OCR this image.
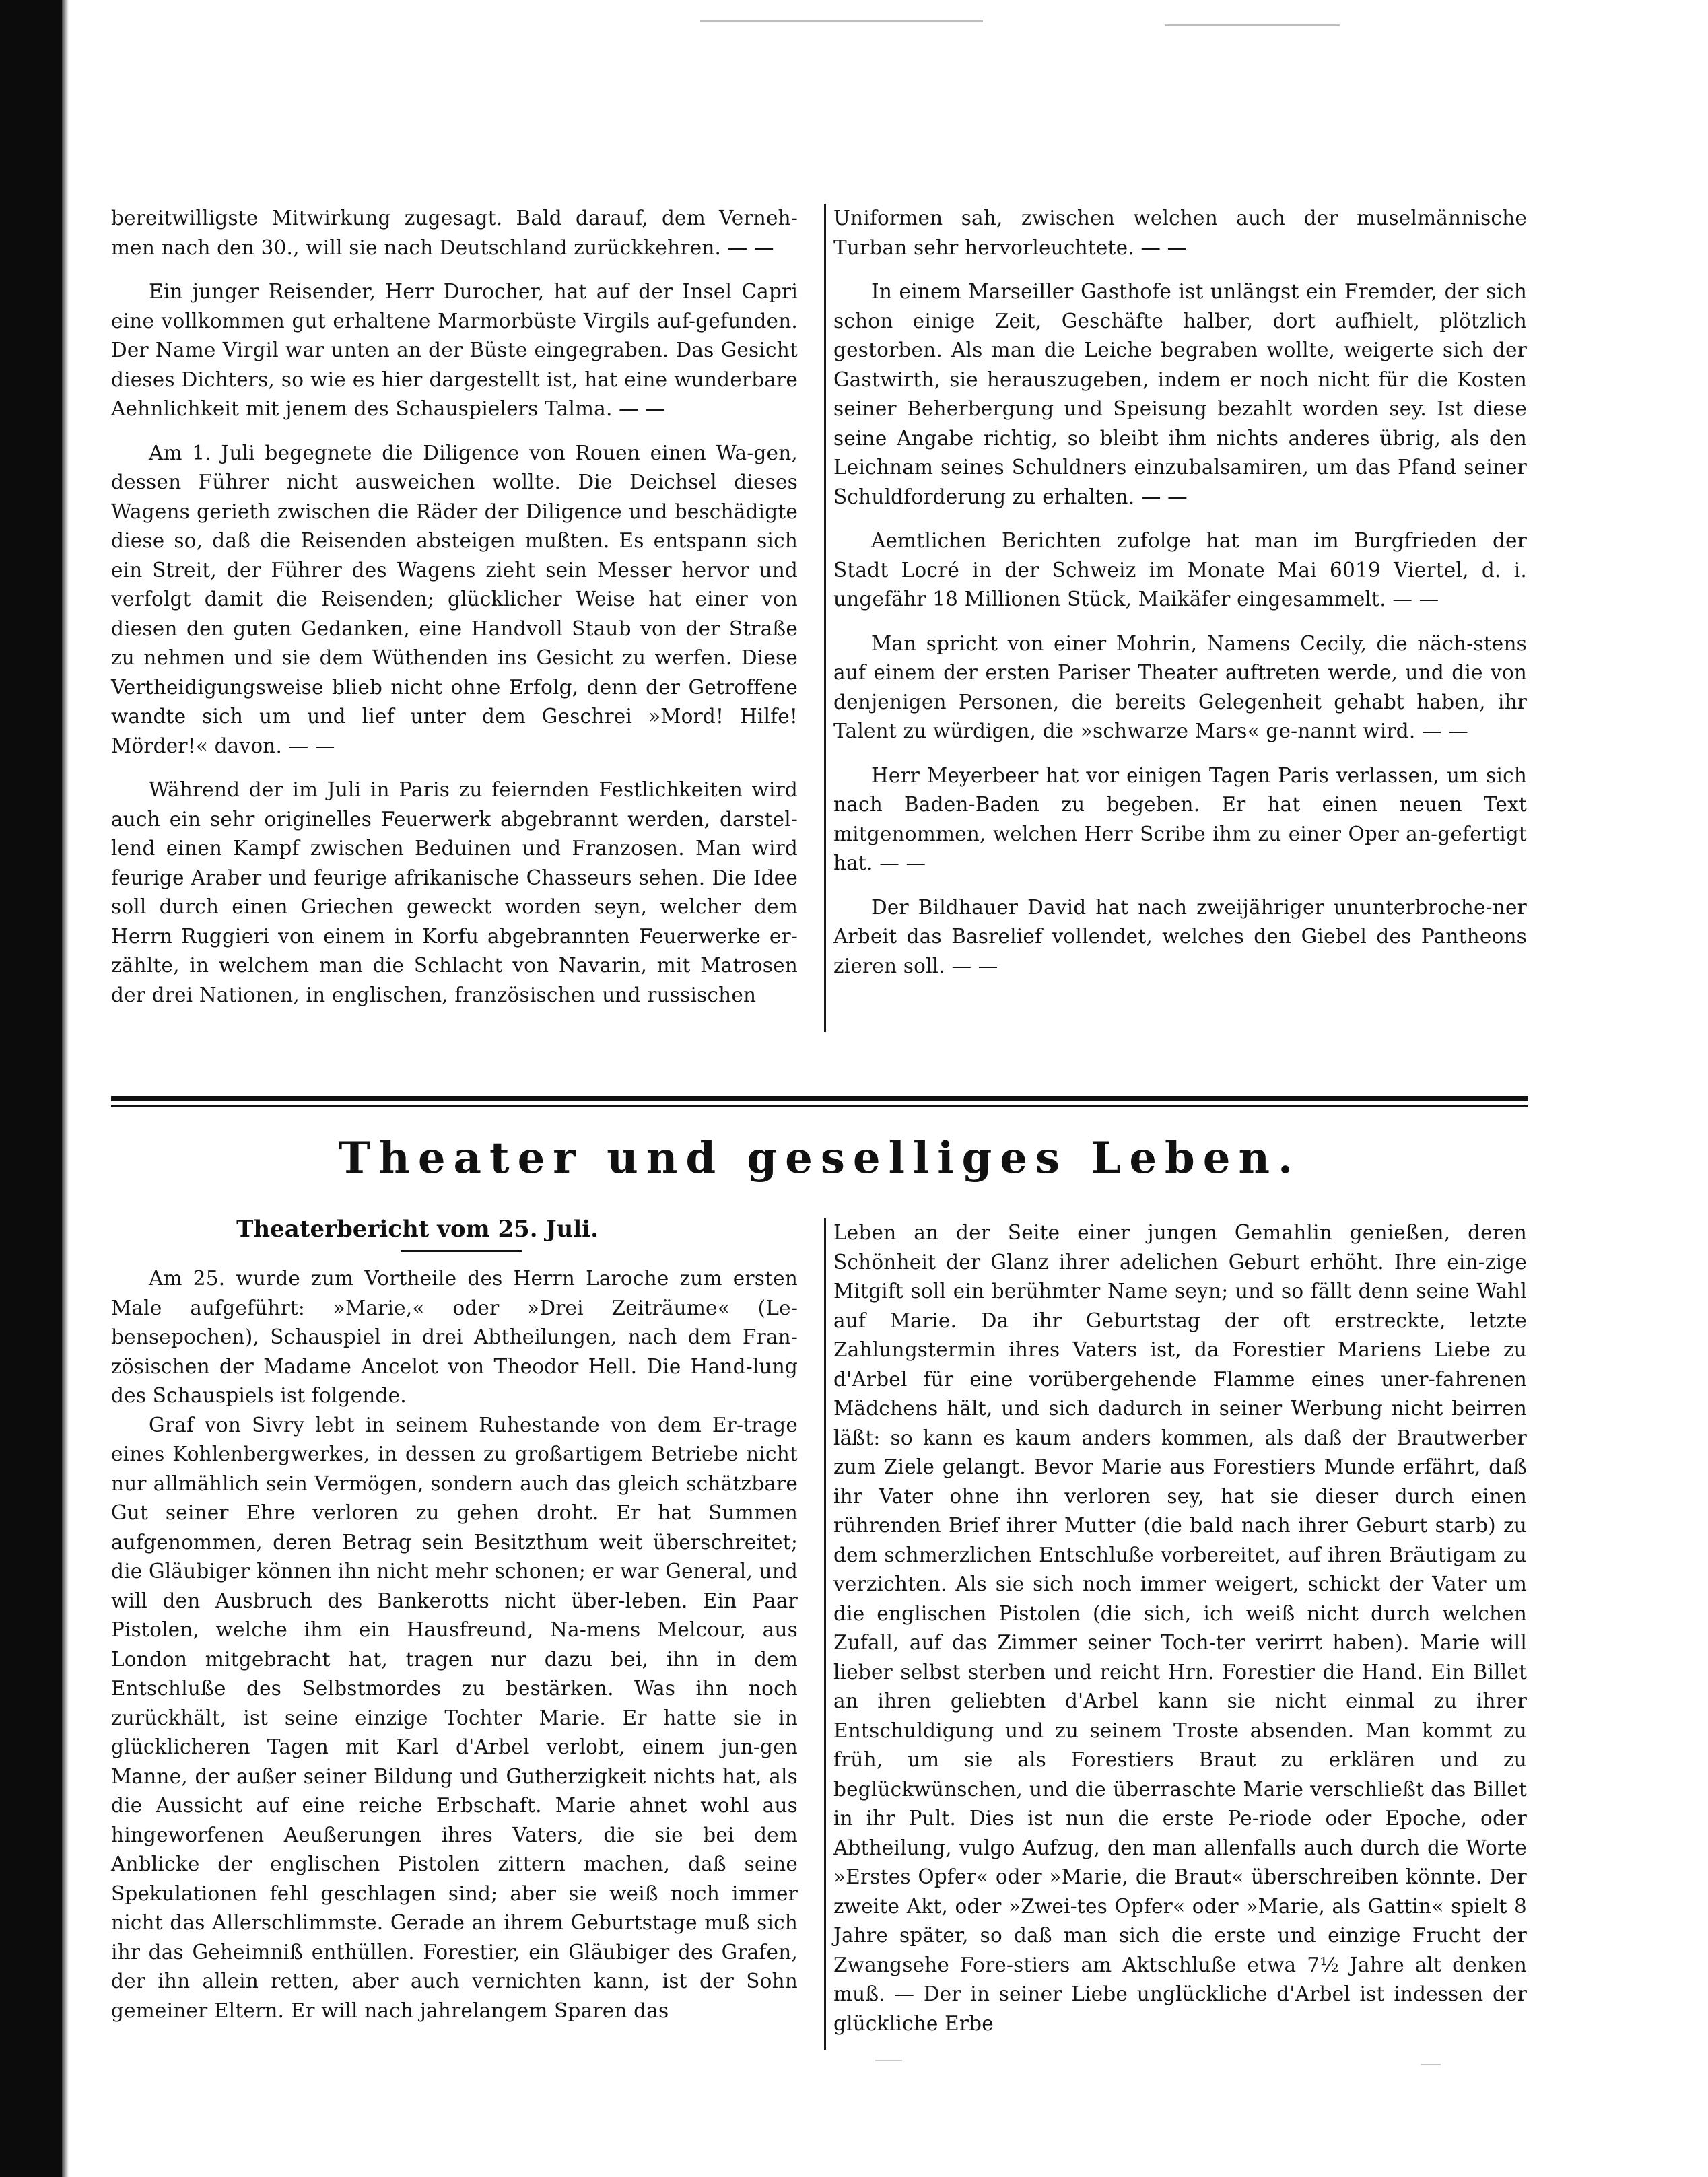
bereitwilligste Mitwirkung zugesagt. Bald darauf, dem Verneh-men nach den 30., will sie nach Deutschland zurückkehren. — —

Ein junger Reisender, Herr Durocher, hat auf der Insel Capri eine vollkommen gut erhaltene Marmorbüste Virgils auf-gefunden. Der Name Virgil war unten an der Büste eingegraben. Das Gesicht dieses Dichters, so wie es hier dargestellt ist, hat eine wunderbare Aehnlichkeit mit jenem des Schauspielers Talma. — —

Am 1. Juli begegnete die Diligence von Rouen einen Wa-gen, dessen Führer nicht ausweichen wollte. Die Deichsel dieses Wagens gerieth zwischen die Räder der Diligence und beschädigte diese so, daß die Reisenden absteigen mußten. Es entspann sich ein Streit, der Führer des Wagens zieht sein Messer hervor und verfolgt damit die Reisenden; glücklicher Weise hat einer von diesen den guten Gedanken, eine Handvoll Staub von der Straße zu nehmen und sie dem Wüthenden ins Gesicht zu werfen. Diese Vertheidigungsweise blieb nicht ohne Erfolg, denn der Getroffene wandte sich um und lief unter dem Geschrei »Mord! Hilfe! Mörder!« davon. — —

Während der im Juli in Paris zu feiernden Festlichkeiten wird auch ein sehr originelles Feuerwerk abgebrannt werden, darstel-lend einen Kampf zwischen Beduinen und Franzosen. Man wird feurige Araber und feurige afrikanische Chasseurs sehen. Die Idee soll durch einen Griechen geweckt worden seyn, welcher dem Herrn Ruggieri von einem in Korfu abgebrannten Feuerwerke er-zählte, in welchem man die Schlacht von Navarin, mit Matrosen der drei Nationen, in englischen, französischen und russischen

Uniformen sah, zwischen welchen auch der muselmännische Turban sehr hervorleuchtete. — —

In einem Marseiller Gasthofe ist unlängst ein Fremder, der sich schon einige Zeit, Geschäfte halber, dort aufhielt, plötzlich gestorben. Als man die Leiche begraben wollte, weigerte sich der Gastwirth, sie herauszugeben, indem er noch nicht für die Kosten seiner Beherbergung und Speisung bezahlt worden sey. Ist diese seine Angabe richtig, so bleibt ihm nichts anderes übrig, als den Leichnam seines Schuldners einzubalsamiren, um das Pfand seiner Schuldforderung zu erhalten. — —

Aemtlichen Berichten zufolge hat man im Burgfrieden der Stadt Locré in der Schweiz im Monate Mai 6019 Viertel, d. i. ungefähr 18 Millionen Stück, Maikäfer eingesammelt. — —

Man spricht von einer Mohrin, Namens Cecily, die näch-stens auf einem der ersten Pariser Theater auftreten werde, und die von denjenigen Personen, die bereits Gelegenheit gehabt haben, ihr Talent zu würdigen, die »schwarze Mars« ge-nannt wird. — —

Herr Meyerbeer hat vor einigen Tagen Paris verlassen, um sich nach Baden-Baden zu begeben. Er hat einen neuen Text mitgenommen, welchen Herr Scribe ihm zu einer Oper an-gefertigt hat. — —

Der Bildhauer David hat nach zweijähriger ununterbroche-ner Arbeit das Basrelief vollendet, welches den Giebel des Pantheons zieren soll. — —

Theater und geselliges Leben.
Theaterbericht vom 25. Juli.

Am 25. wurde zum Vortheile des Herrn Laroche zum ersten Male aufgeführt: »Marie,« oder »Drei Zeiträume« (Le-bensepochen), Schauspiel in drei Abtheilungen, nach dem Fran-zösischen der Madame Ancelot von Theodor Hell. Die Hand-lung des Schauspiels ist folgende.

Graf von Sivry lebt in seinem Ruhestande von dem Er-trage eines Kohlenbergwerkes, in dessen zu großartigem Betriebe nicht nur allmählich sein Vermögen, sondern auch das gleich schätzbare Gut seiner Ehre verloren zu gehen droht. Er hat Summen aufgenommen, deren Betrag sein Besitzthum weit überschreitet; die Gläubiger können ihn nicht mehr schonen; er war General, und will den Ausbruch des Bankerotts nicht über-leben. Ein Paar Pistolen, welche ihm ein Hausfreund, Na-mens Melcour, aus London mitgebracht hat, tragen nur dazu bei, ihn in dem Entschluße des Selbstmordes zu bestärken. Was ihn noch zurückhält, ist seine einzige Tochter Marie. Er hatte sie in glücklicheren Tagen mit Karl d'Arbel verlobt, einem jun-gen Manne, der außer seiner Bildung und Gutherzigkeit nichts hat, als die Aussicht auf eine reiche Erbschaft. Marie ahnet wohl aus hingeworfenen Aeußerungen ihres Vaters, die sie bei dem Anblicke der englischen Pistolen zittern machen, daß seine Spekulationen fehl geschlagen sind; aber sie weiß noch immer nicht das Allerschlimmste. Gerade an ihrem Geburtstage muß sich ihr das Geheimniß enthüllen. Forestier, ein Gläubiger des Grafen, der ihn allein retten, aber auch vernichten kann, ist der Sohn gemeiner Eltern. Er will nach jahrelangem Sparen das

Leben an der Seite einer jungen Gemahlin genießen, deren Schönheit der Glanz ihrer adelichen Geburt erhöht. Ihre ein-zige Mitgift soll ein berühmter Name seyn; und so fällt denn seine Wahl auf Marie. Da ihr Geburtstag der oft erstreckte, letzte Zahlungstermin ihres Vaters ist, da Forestier Mariens Liebe zu d'Arbel für eine vorübergehende Flamme eines uner-fahrenen Mädchens hält, und sich dadurch in seiner Werbung nicht beirren läßt: so kann es kaum anders kommen, als daß der Brautwerber zum Ziele gelangt. Bevor Marie aus Forestiers Munde erfährt, daß ihr Vater ohne ihn verloren sey, hat sie dieser durch einen rührenden Brief ihrer Mutter (die bald nach ihrer Geburt starb) zu dem schmerzlichen Entschluße vorbereitet, auf ihren Bräutigam zu verzichten. Als sie sich noch immer weigert, schickt der Vater um die englischen Pistolen (die sich, ich weiß nicht durch welchen Zufall, auf das Zimmer seiner Toch-ter verirrt haben). Marie will lieber selbst sterben und reicht Hrn. Forestier die Hand. Ein Billet an ihren geliebten d'Arbel kann sie nicht einmal zu ihrer Entschuldigung und zu seinem Troste absenden. Man kommt zu früh, um sie als Forestiers Braut zu erklären und zu beglückwünschen, und die überraschte Marie verschließt das Billet in ihr Pult. Dies ist nun die erste Pe-riode oder Epoche, oder Abtheilung, vulgo Aufzug, den man allenfalls auch durch die Worte »Erstes Opfer« oder »Marie, die Braut« überschreiben könnte. Der zweite Akt, oder »Zwei-tes Opfer« oder »Marie, als Gattin« spielt 8 Jahre später, so daß man sich die erste und einzige Frucht der Zwangsehe Fore-stiers am Aktschluße etwa 7½ Jahre alt denken muß. — Der in seiner Liebe unglückliche d'Arbel ist indessen der glückliche Erbe
